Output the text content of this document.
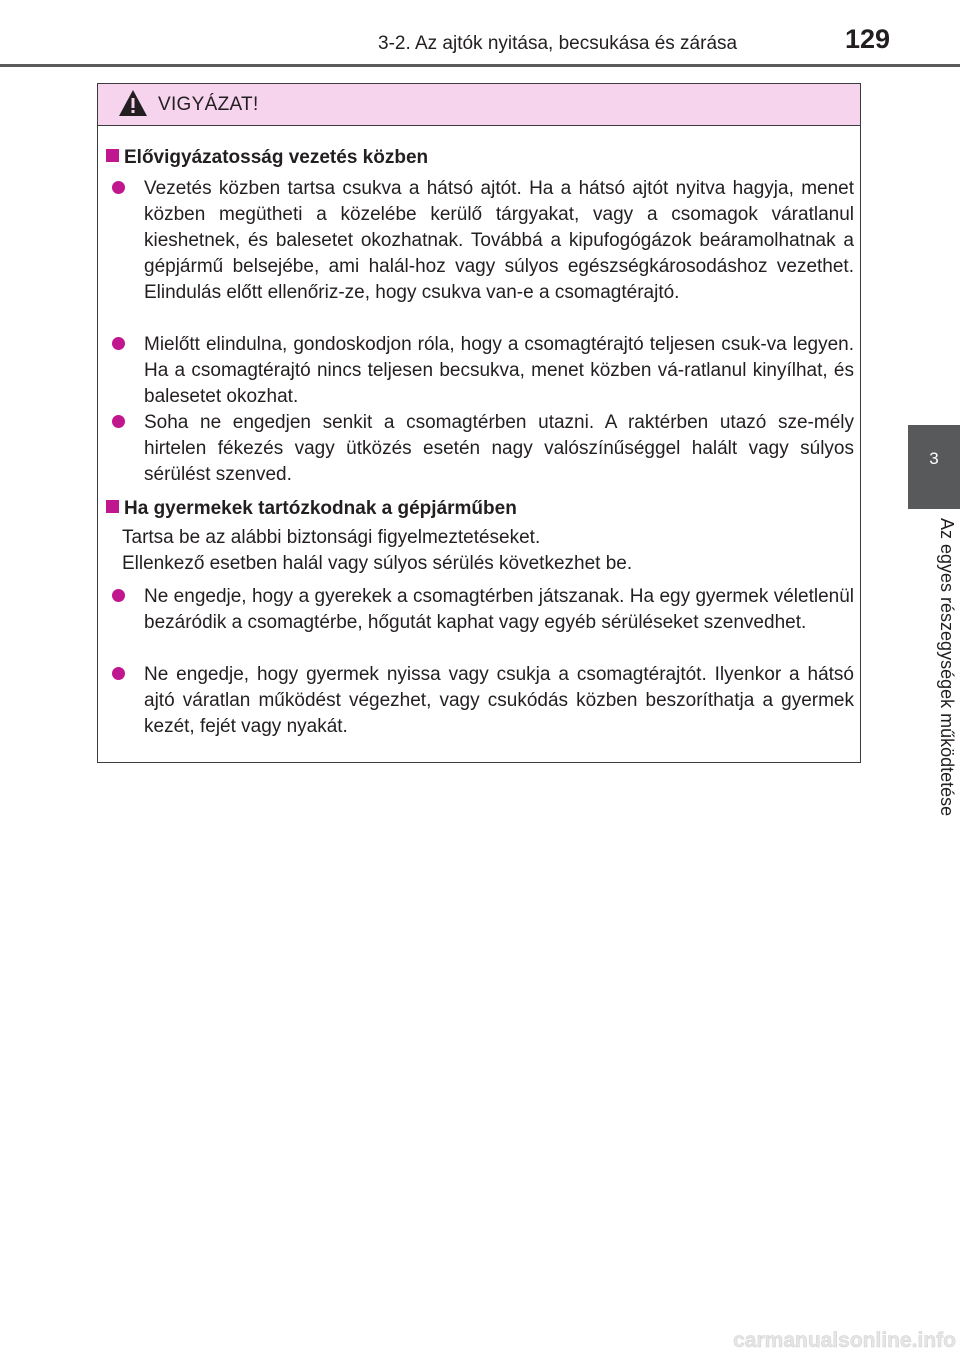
3-2. Az ajtók nyitása, becsukása és zárása	129
3
Az egyes részegységek működtetése
VIGYÁZAT!
Elővigyázatosság vezetés közben
Vezetés közben tartsa csukva a hátsó ajtót. Ha a hátsó ajtót nyitva hagyja, menet közben megütheti a közelébe kerülő tárgyakat, vagy a csomagok váratlanul kieshetnek, és balesetet okozhatnak. Továbbá a kipufogógázok beáramolhatnak a gépjármű belsejébe, ami halál-hoz vagy súlyos egészségkárosodáshoz vezethet. Elindulás előtt ellenőriz-ze, hogy csukva van-e a csomagtérajtó.
Mielőtt elindulna, gondoskodjon róla, hogy a csomagtérajtó teljesen csuk-va legyen. Ha a csomagtérajtó nincs teljesen becsukva, menet közben vá-ratlanul kinyílhat, és balesetet okozhat.
Soha ne engedjen senkit a csomagtérben utazni. A raktérben utazó sze-mély hirtelen fékezés vagy ütközés esetén nagy valószínűséggel halált vagy súlyos sérülést szenved.
Ha gyermekek tartózkodnak a gépjárműben
Tartsa be az alábbi biztonsági figyelmeztetéseket.
Ellenkező esetben halál vagy súlyos sérülés következhet be.
Ne engedje, hogy a gyerekek a csomagtérben játszanak. Ha egy gyermek véletlenül bezáródik a csomagtérbe, hőgutát kaphat vagy egyéb sérüléseket szenvedhet.
Ne engedje, hogy gyermek nyissa vagy csukja a csomagtérajtót. Ilyenkor a hátsó ajtó váratlan működést végezhet, vagy csukódás közben beszoríthatja a gyermek kezét, fejét vagy nyakát.
carmanualsonline.info
